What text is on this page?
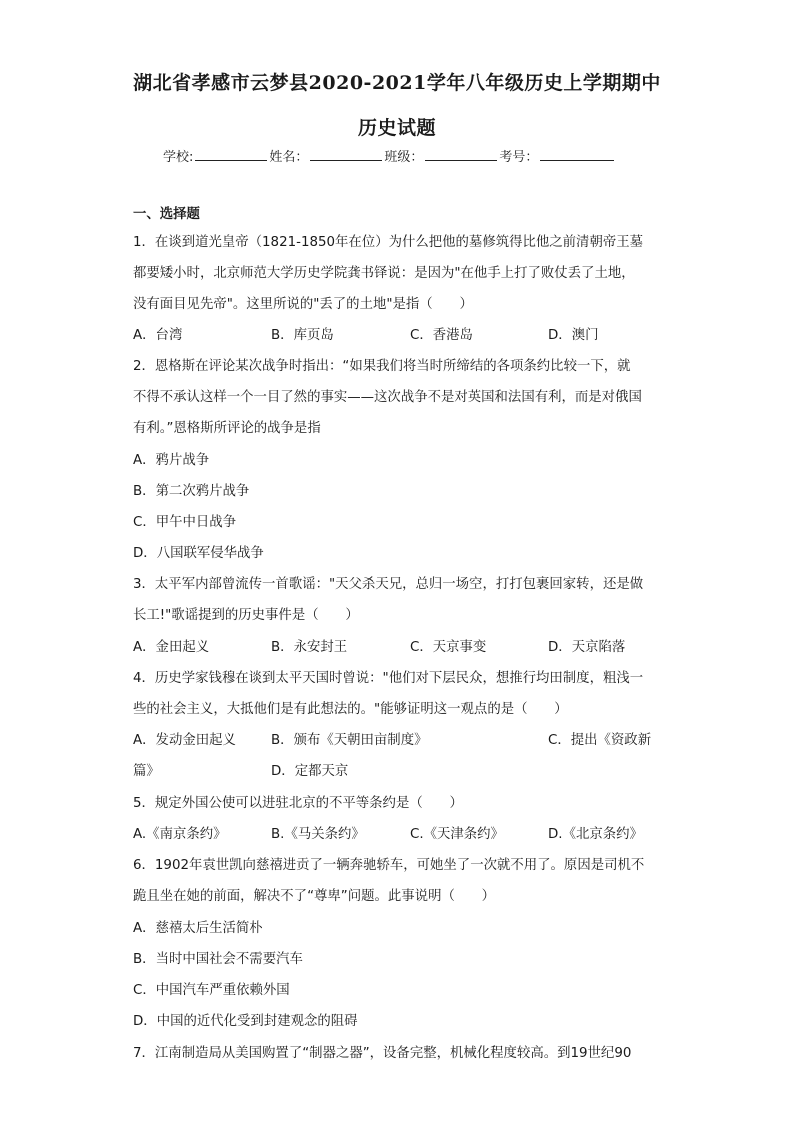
湖北省孝感市云梦县2020-2021学年八年级历史上学期期中
历史试题
学校:	姓名：	班级：	考号：
一、选择题
1．在谈到道光皇帝（1821-1850年在位）为什么把他的墓修筑得比他之前清朝帝王墓
都要矮小时，北京师范大学历史学院龚书铎说：是因为"在他手上打了败仗丢了土地，
没有面目见先帝"。这里所说的"丢了的土地"是指（　　）
A．台湾	B．库页岛	C．香港岛	D．澳门
2．恩格斯在评论某次战争时指出：“如果我们将当时所缔结的各项条约比较一下，就
不得不承认这样一个一目了然的事实——这次战争不是对英国和法国有利，而是对俄国
有利。”恩格斯所评论的战争是指
A．鸦片战争
B．第二次鸦片战争
C．甲午中日战争
D．八国联军侵华战争
3．太平军内部曾流传一首歌谣："天父杀天兄，总归一场空，打打包裹回家转，还是做
长工!"歌谣提到的历史事件是（　　）
A．金田起义	B．永安封王	C．天京事变	D．天京陷落
4．历史学家钱穆在谈到太平天国时曾说："他们对下层民众，想推行均田制度，粗浅一
些的社会主义，大抵他们是有此想法的。"能够证明这一观点的是（　　）
A．发动金田起义	B．颁布《天朝田亩制度》	C．提出《资政新
篇》	D．定都天京
5．规定外国公使可以进驻北京的不平等条约是（　　）
A.《南京条约》	B.《马关条约》	C.《天津条约》	D.《北京条约》
6．1902年袁世凯向慈禧进贡了一辆奔驰轿车，可她坐了一次就不用了。原因是司机不
跪且坐在她的前面，解决不了“尊卑”问题。此事说明（　　）
A．慈禧太后生活简朴
B．当时中国社会不需要汽车
C．中国汽车严重依赖外国
D．中国的近代化受到封建观念的阻碍
7．江南制造局从美国购置了“制器之器”，设备完整，机械化程度较高。到19世纪90
